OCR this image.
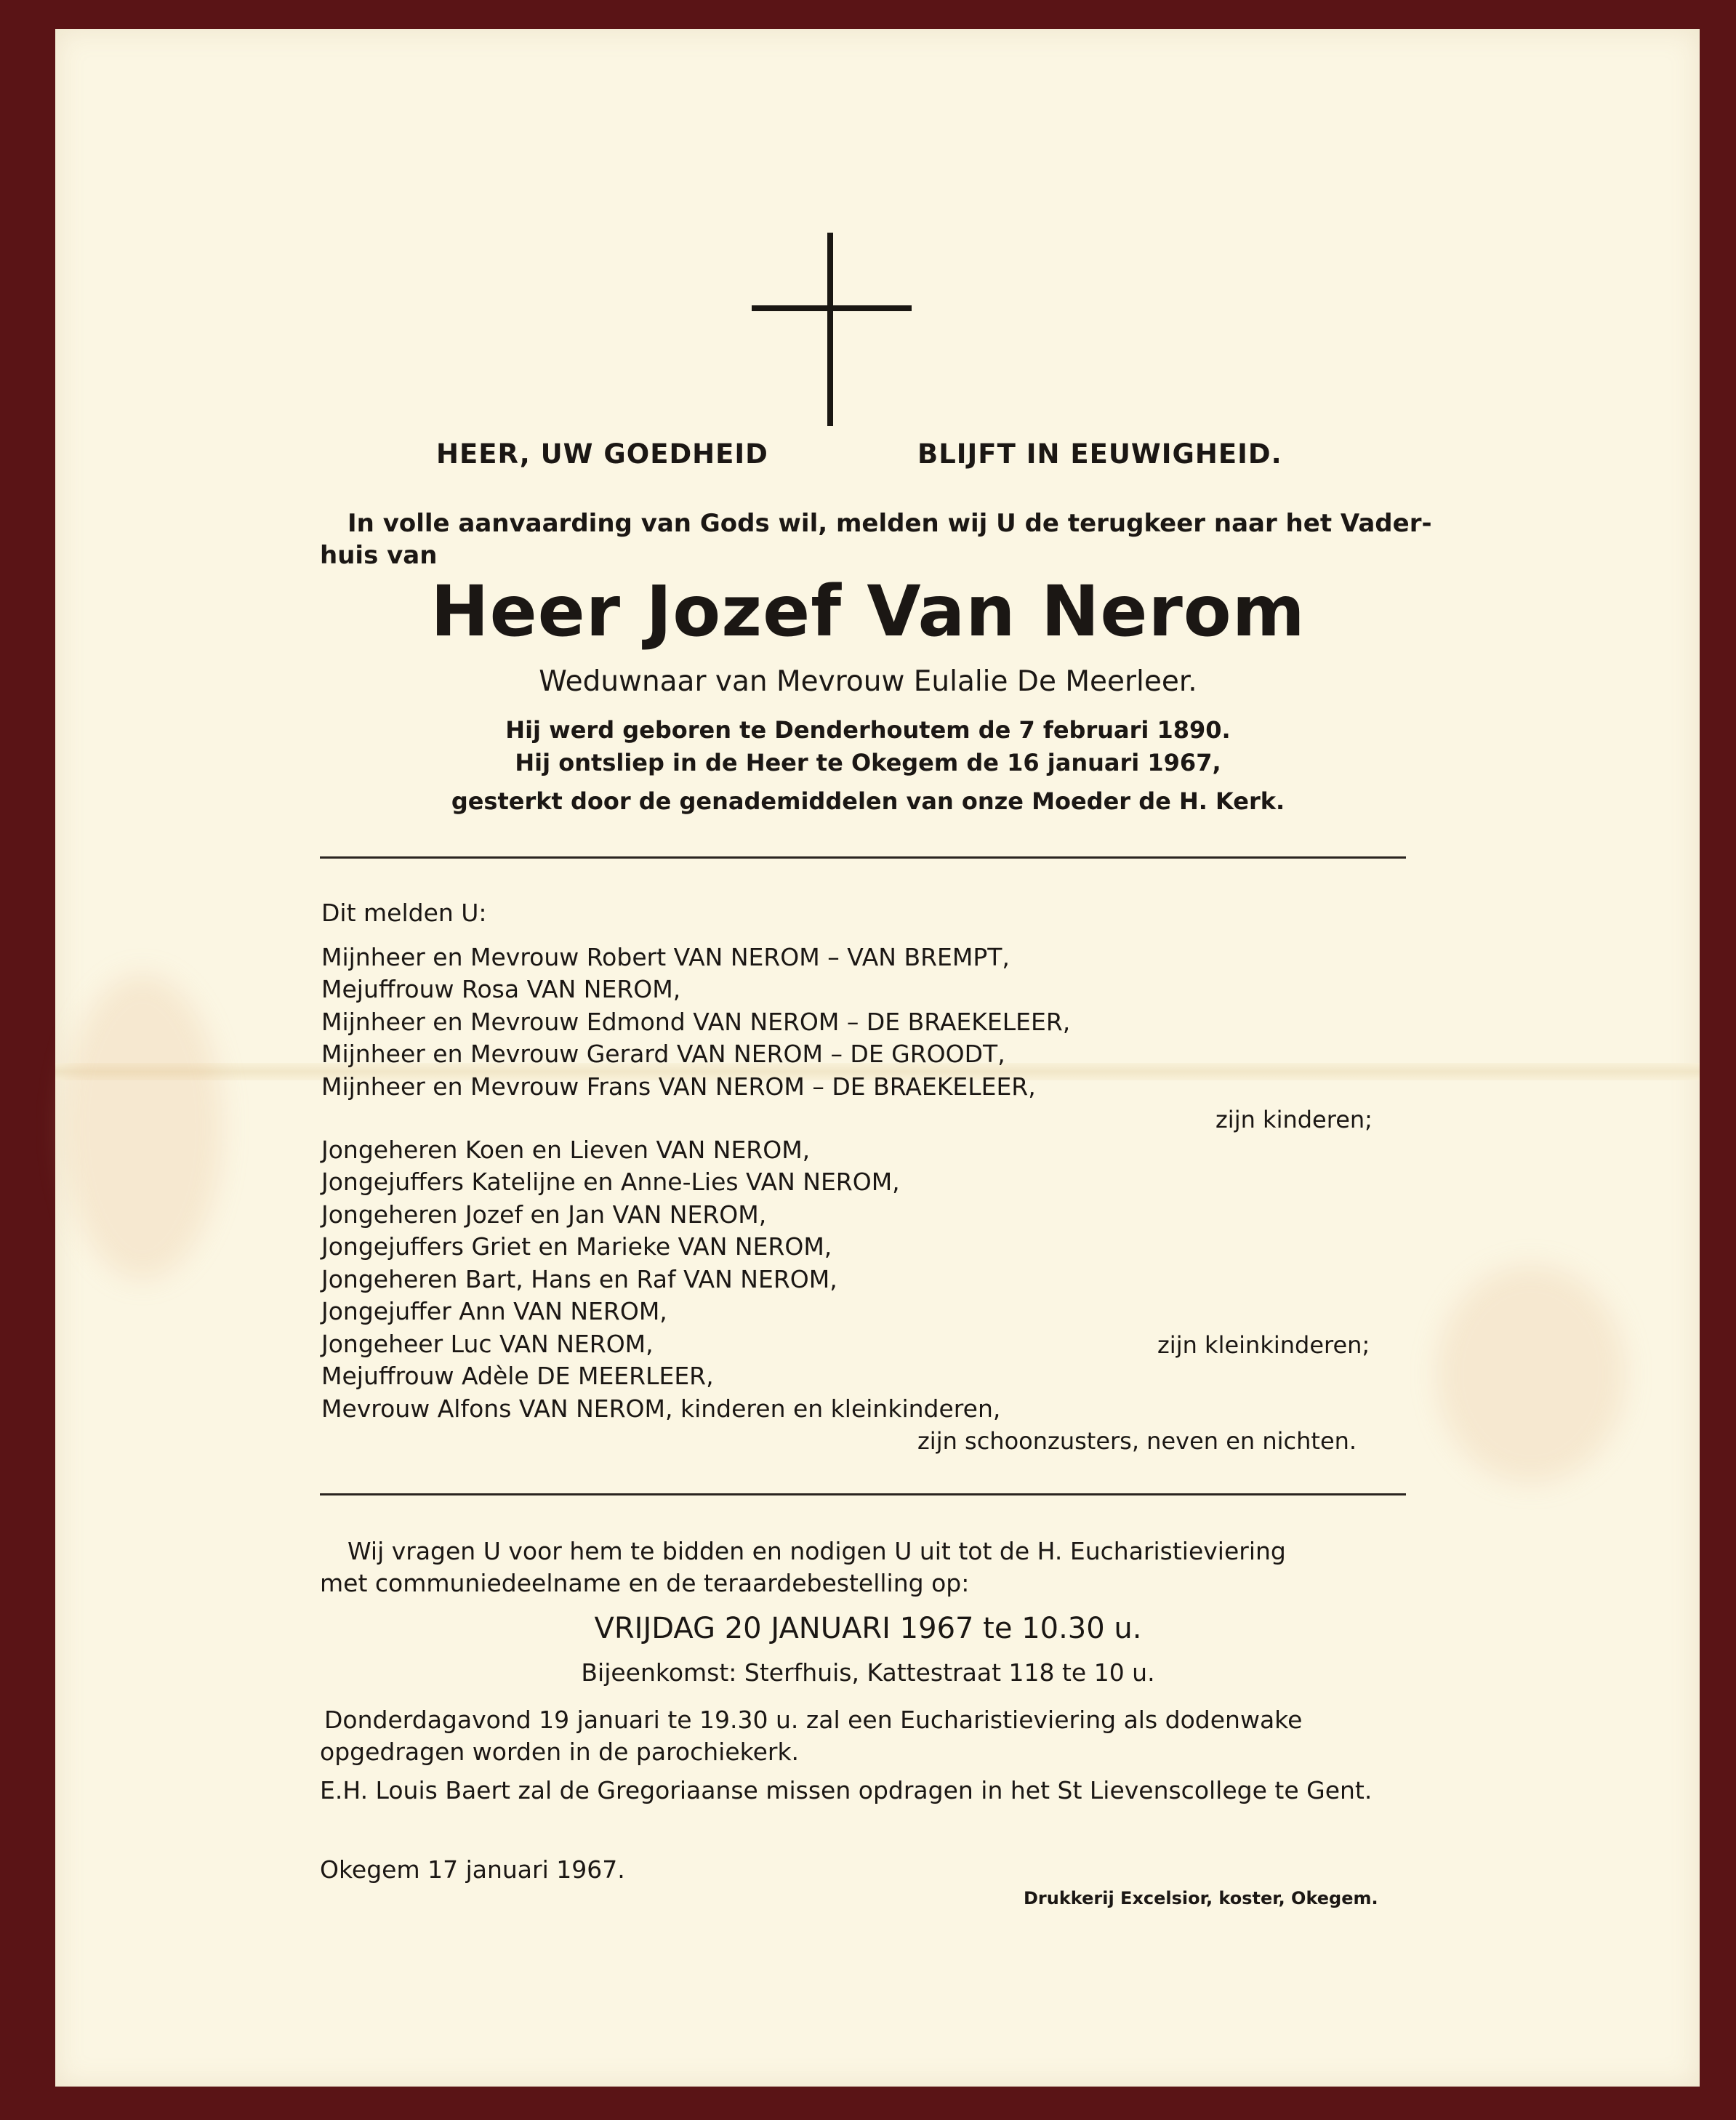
HEER, UW GOEDHEID	BLIJFT IN EEUWIGHEID.
In volle aanvaarding van Gods wil, melden wij U de terugkeer naar het Vader-
huis van
Heer Jozef Van Nerom
Weduwnaar van Mevrouw Eulalie De Meerleer.
Hij werd geboren te Denderhoutem de 7 februari 1890.
Hij ontsliep in de Heer te Okegem de 16 januari 1967,
gesterkt door de genademiddelen van onze Moeder de H. Kerk.
Dit melden U:
Mijnheer en Mevrouw Robert VAN NEROM – VAN BREMPT,
Mejuffrouw Rosa VAN NEROM,
Mijnheer en Mevrouw Edmond VAN NEROM – DE BRAEKELEER,
Mijnheer en Mevrouw Gerard VAN NEROM – DE GROODT,
Mijnheer en Mevrouw Frans VAN NEROM – DE BRAEKELEER,
zijn kinderen;
Jongeheren Koen en Lieven VAN NEROM,
Jongejuffers Katelijne en Anne-Lies VAN NEROM,
Jongeheren Jozef en Jan VAN NEROM,
Jongejuffers Griet en Marieke VAN NEROM,
Jongeheren Bart, Hans en Raf VAN NEROM,
Jongejuffer Ann VAN NEROM,
Jongeheer Luc VAN NEROM,	zijn kleinkinderen;
Mejuffrouw Adèle DE MEERLEER,
Mevrouw Alfons VAN NEROM, kinderen en kleinkinderen,
zijn schoonzusters, neven en nichten.
Wij vragen U voor hem te bidden en nodigen U uit tot de H. Eucharistieviering
met communiedeelname en de teraardebestelling op:
VRIJDAG 20 JANUARI 1967 te 10.30 u.
Bijeenkomst: Sterfhuis, Kattestraat 118 te 10 u.
Donderdagavond 19 januari te 19.30 u. zal een Eucharistieviering als dodenwake
opgedragen worden in de parochiekerk.
E.H. Louis Baert zal de Gregoriaanse missen opdragen in het St Lievenscollege te Gent.
Okegem 17 januari 1967.
Drukkerij Excelsior, koster, Okegem.
